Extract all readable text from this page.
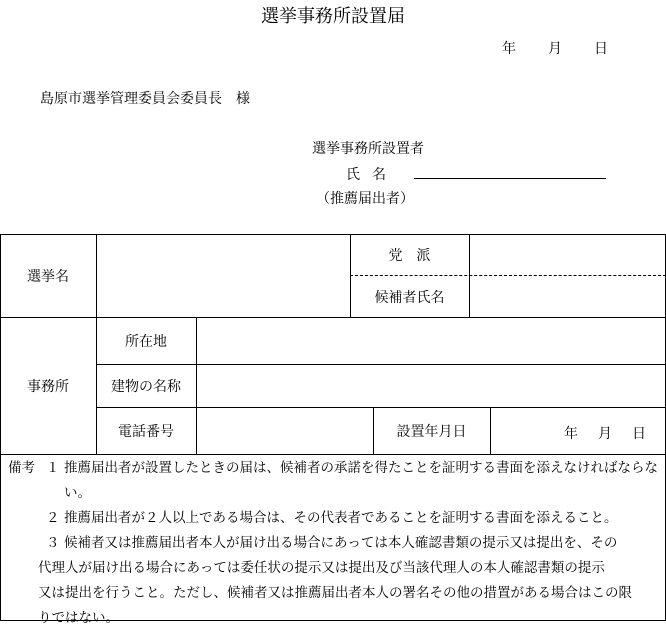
選挙事務所設置届
年 月 日
島原市選挙管理委員会委員長　様
選挙事務所設置者
氏名
（推薦届出者）
選挙名
党　派
候補者氏名
事務所
所在地
建物の名称
電話番号	設置年月日	年 月 日
備考 １ 推薦届出者が設置したときの届は、候補者の承諾を得たことを証明する書面を添えなければならな
い。
２ 推薦届出者が２人以上である場合は、その代表者であることを証明する書面を添えること。
３ 候補者又は推薦届出者本人が届け出る場合にあっては本人確認書類の提示又は提出を、その
代理人が届け出る場合にあっては委任状の提示又は提出及び当該代理人の本人確認書類の提示
又は提出を行うこと。ただし、候補者又は推薦届出者本人の署名その他の措置がある場合はこの限
りではない。
